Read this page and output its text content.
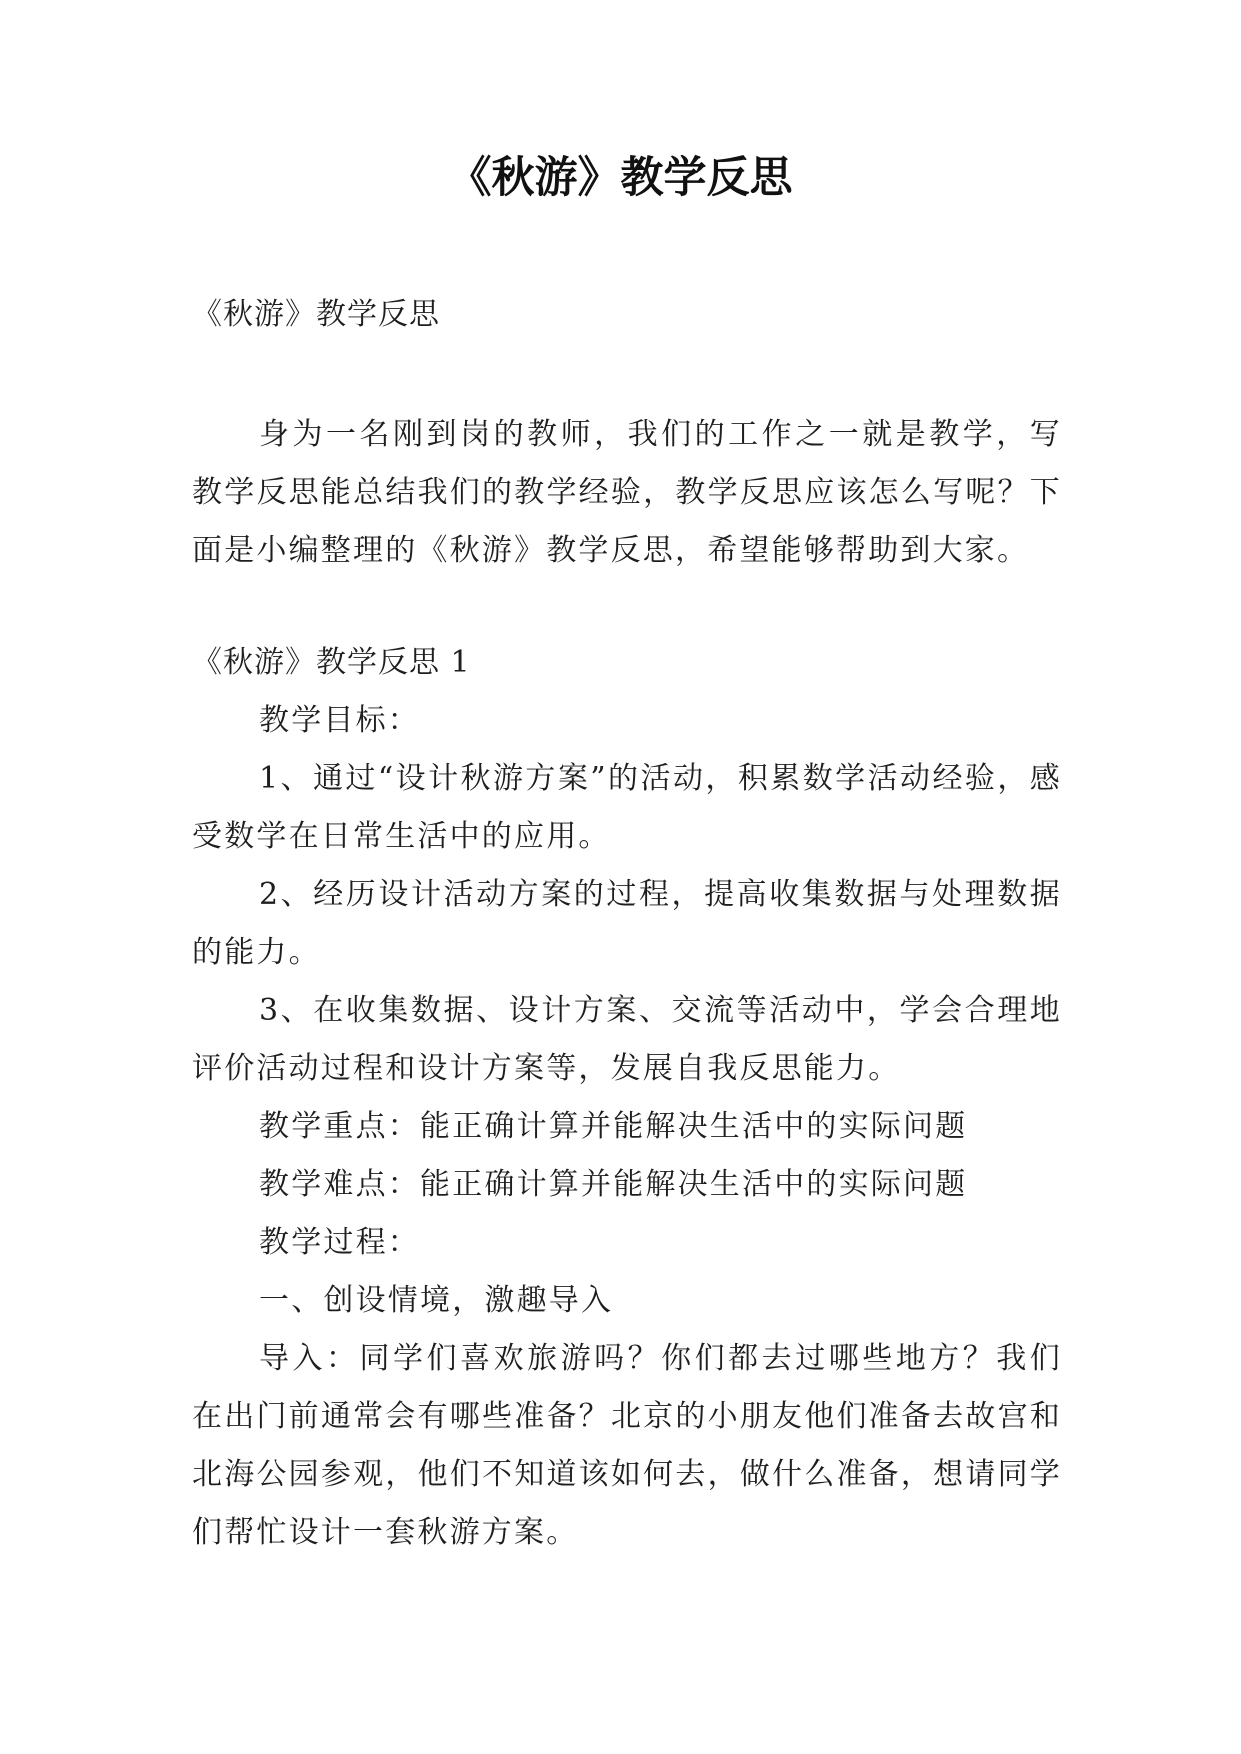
《秋游》教学反思
《秋游》教学反思
身为一名刚到岗的教师，我们的工作之一就是教学，写教学反思能总结我们的教学经验，教学反思应该怎么写呢？下面是小编整理的《秋游》教学反思，希望能够帮助到大家。
《秋游》教学反思 1

教学目标：

1、通过“设计秋游方案”的活动，积累数学活动经验，感受数学在日常生活中的应用。

2、经历设计活动方案的过程，提高收集数据与处理数据的能力。

3、在收集数据、设计方案、交流等活动中，学会合理地评价活动过程和设计方案等，发展自我反思能力。

教学重点：能正确计算并能解决生活中的实际问题

教学难点：能正确计算并能解决生活中的实际问题

教学过程：

一、创设情境，激趣导入

导入：同学们喜欢旅游吗？你们都去过哪些地方？我们在出门前通常会有哪些准备？北京的小朋友他们准备去故宫和北海公园参观，他们不知道该如何去，做什么准备，想请同学们帮忙设计一套秋游方案。
